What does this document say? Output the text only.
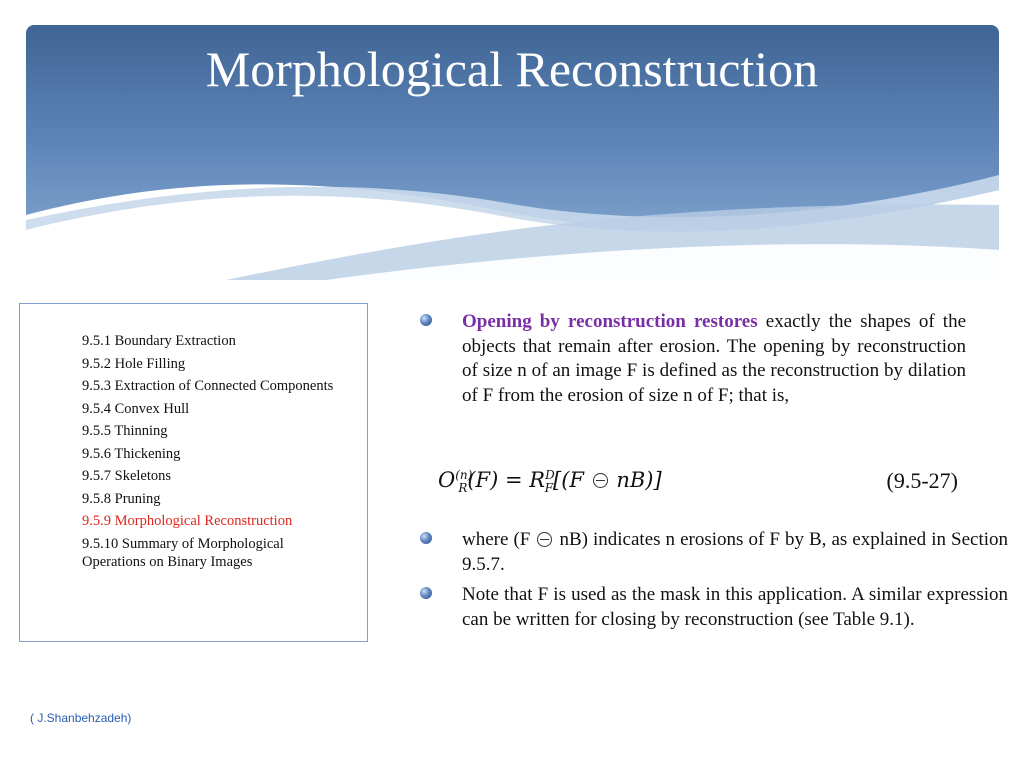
Morphological Reconstruction
9.5.1 Boundary Extraction
9.5.2 Hole Filling
9.5.3 Extraction of Connected Components
9.5.4 Convex Hull
9.5.5 Thinning
9.5.6 Thickening
9.5.7 Skeletons
9.5.8 Pruning
9.5.9 Morphological Reconstruction
9.5.10 Summary of Morphological Operations on Binary Images
Opening by reconstruction restores exactly the shapes of the objects that remain after erosion. The opening by reconstruction of size n of an image F is defined as the reconstruction by dilation of F from the erosion of size n of F; that is,
$O^{(n)}_R(F) = R^D_F[(F$  nB)]	(9.5-27)
where (F nB) indicates n erosions of F by B, as explained in Section 9.5.7.
Note that F is used as the mask in this application. A similar expression can be written for closing by reconstruction (see Table 9.1).
( J.Shanbehzadeh)
